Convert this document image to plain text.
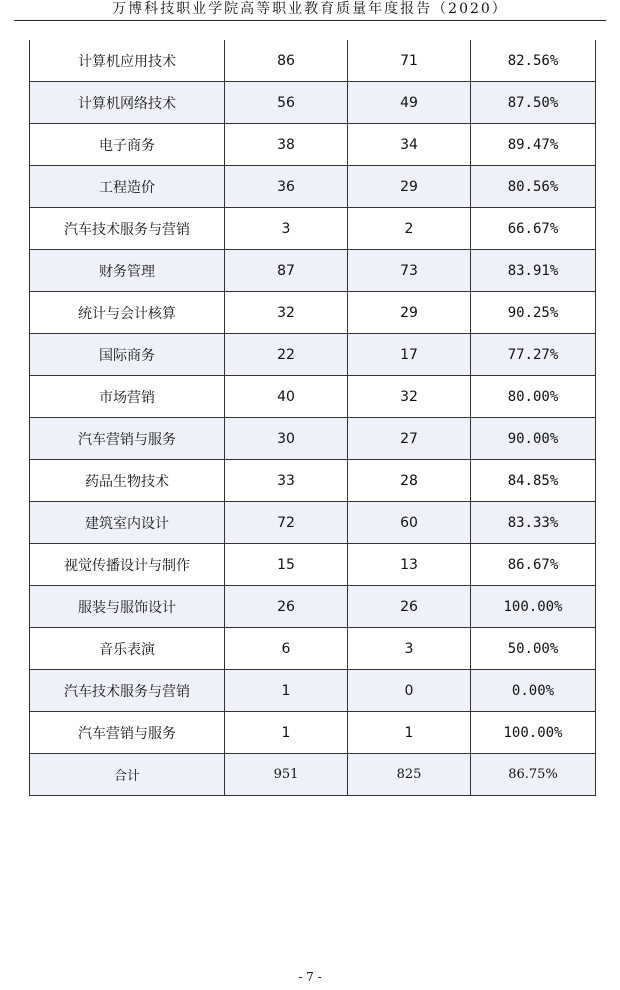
万博科技职业学院高等职业教育质量年度报告（2020）
计算机应用技术	86	71	82.56%
计算机网络技术	56	49	87.50%
电子商务	38	34	89.47%
工程造价	36	29	80.56%
汽车技术服务与营销	3	2	66.67%
财务管理	87	73	83.91%
统计与会计核算	32	29	90.25%
国际商务	22	17	77.27%
市场营销	40	32	80.00%
汽车营销与服务	30	27	90.00%
药品生物技术	33	28	84.85%
建筑室内设计	72	60	83.33%
视觉传播设计与制作	15	13	86.67%
服装与服饰设计	26	26	100.00%
音乐表演	6	3	50.00%
汽车技术服务与营销	1	0	0.00%
汽车营销与服务	1	1	100.00%
合计	951	825	86.75%
- 7 -
